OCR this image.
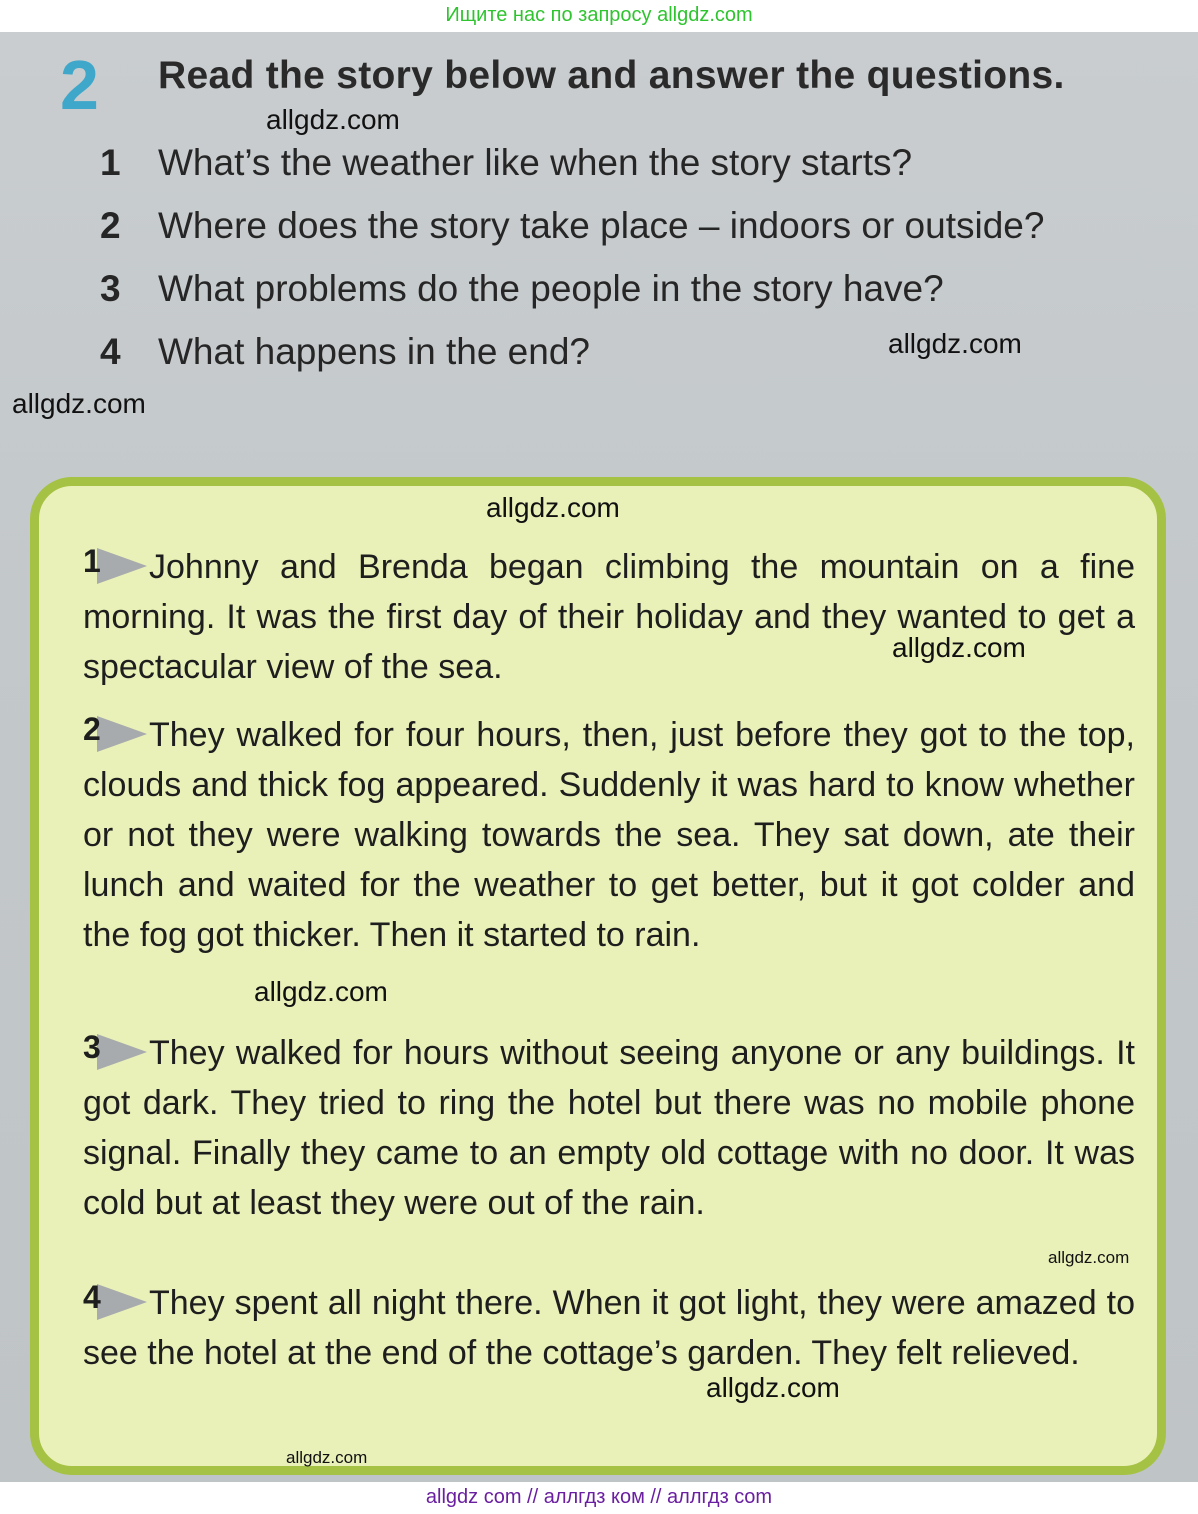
Ищите нас по запросу allgdz.com
2 Read the story below and answer the questions.
1 What’s the weather like when the story starts?
2 Where does the story take place – indoors or outside?
3 What problems do the people in the story have?
4 What happens in the end?

1 Johnny and Brenda began climbing the mountain on a fine morning. It was the first day of their holiday and they wanted to get a spectacular view of the sea.

2 They walked for four hours, then, just before they got to the top, clouds and thick fog appeared. Suddenly it was hard to know whether or not they were walking towards the sea. They sat down, ate their lunch and waited for the weather to get better, but it got colder and the fog got thicker. Then it started to rain.

3 They walked for hours without seeing anyone or any buildings. It got dark. They tried to ring the hotel but there was no mobile phone signal. Finally they came to an empty old cottage with no door. It was cold but at least they were out of the rain.

4 They spent all night there. When it got light, they were amazed to see the hotel at the end of the cottage’s garden. They felt relieved.

allgdz.com
allgdz.com
allgdz.com
allgdz.com
allgdz.com
allgdz.com
allgdz.com
allgdz.com
allgdz.com
allgdz com // аллгдз ком // аллгдз com
